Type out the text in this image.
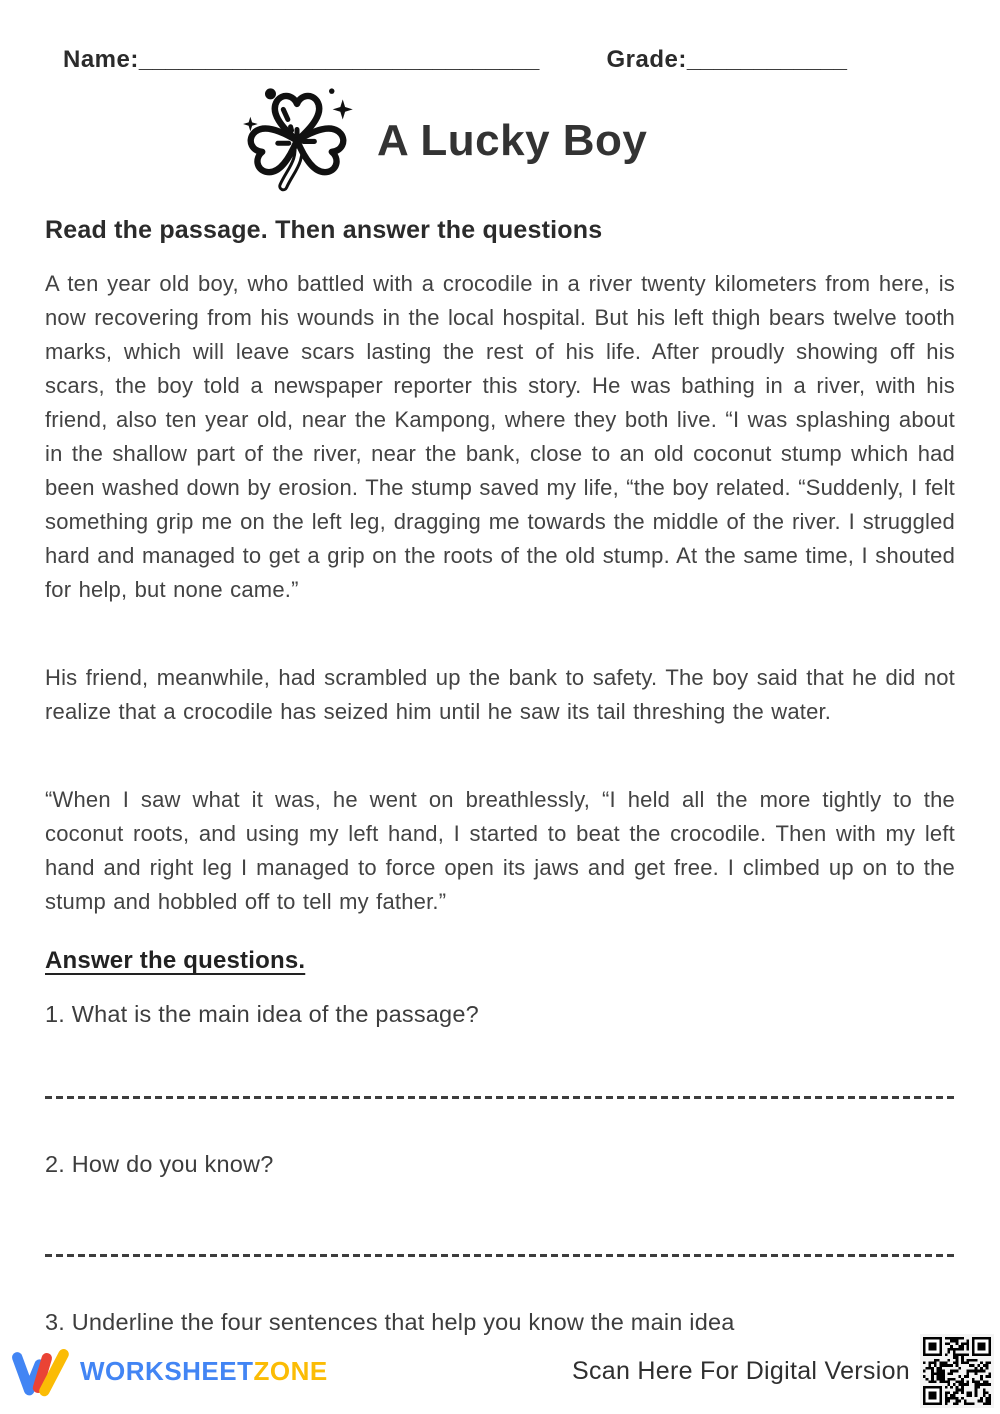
Name:______________________________	Grade:____________
A Lucky Boy
Read the passage. Then answer the questions

A ten year old boy, who battled with a crocodile in a river twenty kilometers from here, is now recovering from his wounds in the local hospital. But his left thigh bears twelve tooth marks, which will leave scars lasting the rest of his life. After proudly showing off his scars, the boy told a newspaper reporter this story. He was bathing in a river, with his friend, also ten year old, near the Kampong, where they both live. “I was splashing about in the shallow part of the river, near the bank, close to an old coconut stump which had been washed down by erosion. The stump saved my life, “the boy related. “Suddenly, I felt something grip me on the left leg, dragging me towards the middle of the river. I struggled hard and managed to get a grip on the roots of the old stump. At the same time, I shouted for help, but none came.”

His friend, meanwhile, had scrambled up the bank to safety. The boy said that he did not realize that a crocodile has seized him until he saw its tail threshing the water.

“When I saw what it was, he went on breathlessly, “I held all the more tightly to the coconut roots, and using my left hand, I started to beat the crocodile. Then with my left hand and right leg I managed to force open its jaws and get free. I climbed up on to the stump and hobbled off to tell my father.”

Answer the questions.
1. What is the main idea of the passage?
2. How do you know?
3. Underline the four sentences that help you know the main idea
WORKSHEETZONE	Scan Here For Digital Version
